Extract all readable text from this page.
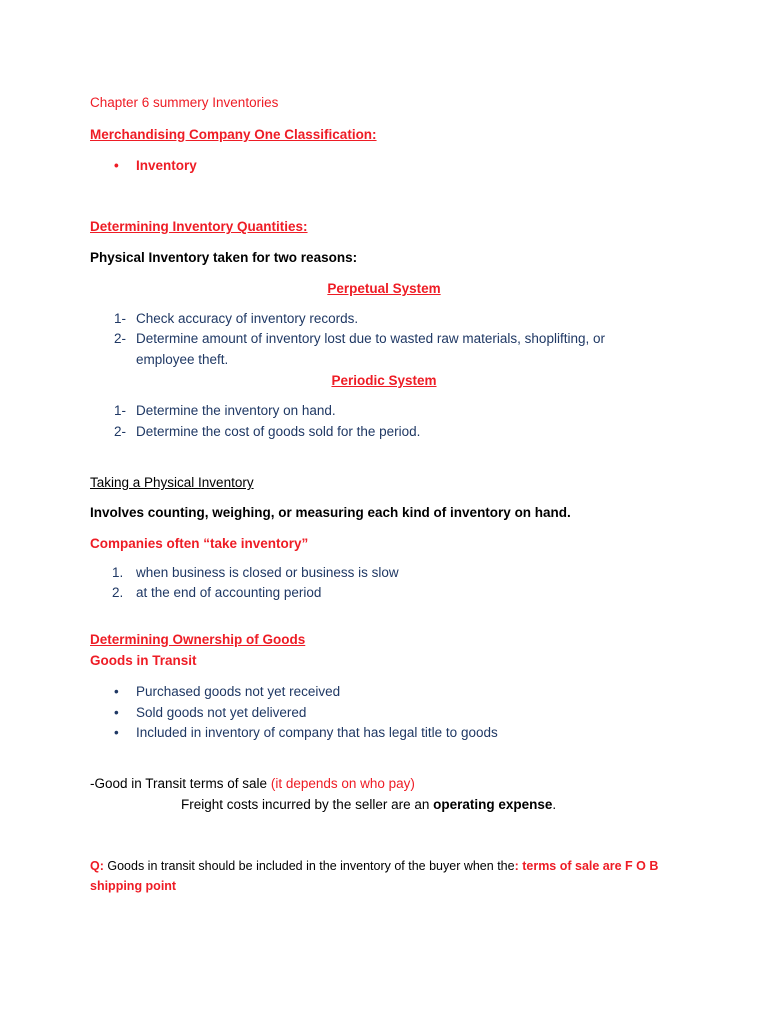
Chapter 6 summery Inventories
Merchandising Company One Classification:
• Inventory
Determining Inventory Quantities:
Physical Inventory taken for two reasons:
Perpetual System
1- Check accuracy of inventory records.
2- Determine amount of inventory lost due to wasted raw materials, shoplifting, or
employee theft.
Periodic System
1- Determine the inventory on hand.
2- Determine the cost of goods sold for the period.
Taking a Physical Inventory
Involves counting, weighing, or measuring each kind of inventory on hand.
Companies often “take inventory”
1. when business is closed or business is slow
2. at the end of accounting period
Determining Ownership of Goods
Goods in Transit
• Purchased goods not yet received
• Sold goods not yet delivered
• Included in inventory of company that has legal title to goods
-Good in Transit terms of sale (it depends on who pay)
Freight costs incurred by the seller are an operating expense.
Q: Goods in transit should be included in the inventory of the buyer when the: terms of sale are F O B
shipping point
